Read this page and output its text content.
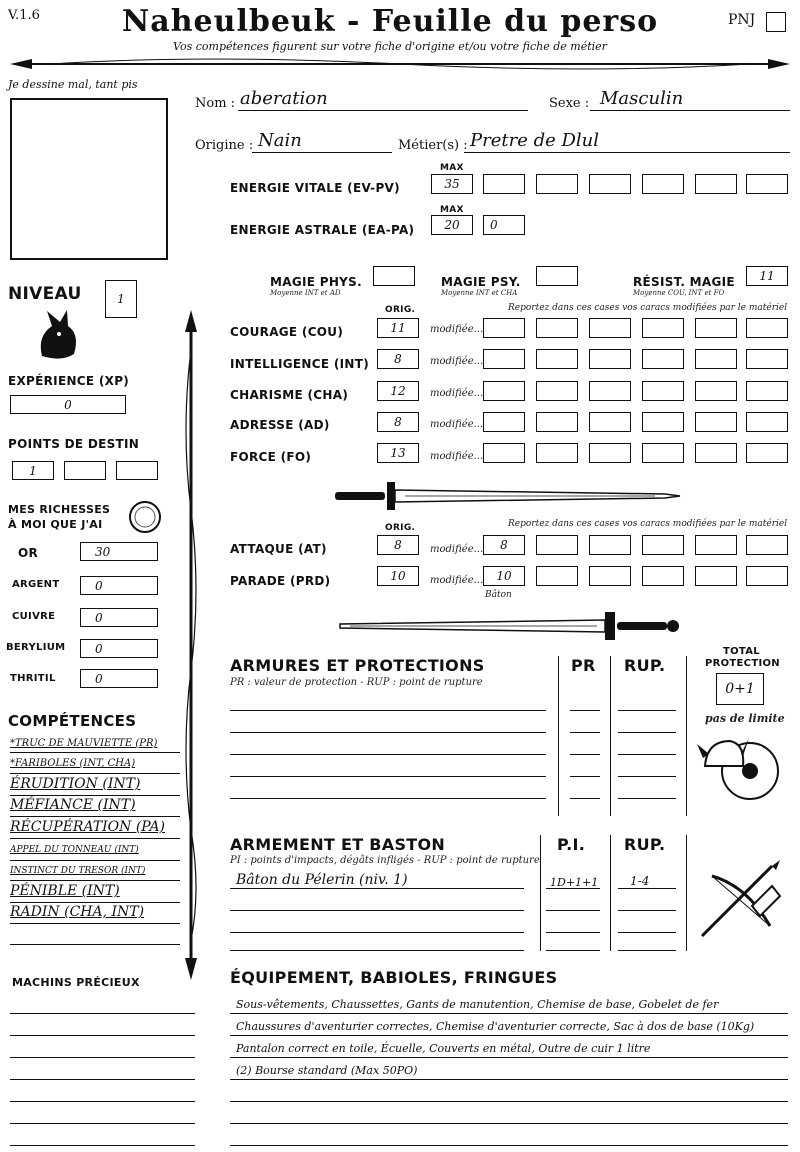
V.1.6	Naheulbeuk - Feuille du perso
Vos compétences figurent sur votre fiche d'origine et/ou votre fiche de métier
PNJ
Je dessine mal, tant pis
Nom : aberation	Sexe : Masculin
Origine : Nain	Métier(s) : Pretre de Dlul
MAX
ENERGIE VITALE (EV-PV)	35
MAX
ENERGIE ASTRALE (EA-PA)	20	0
MAGIE PHYS.
Moyenne INT et AD
MAGIE PSY.
Moyenne INT et CHA
RÉSIST. MAGIE
Moyenne COU, INT et FO
11
NIVEAU	1
EXPÉRIENCE (XP)
0
POINTS DE DESTIN
1
MES RICHESSES
À MOI QUE J'AI
OR	30
ARGENT	0
CUIVRE	0
BERYLIUM	0
THRITIL	0
COMPÉTENCES
*TRUC DE MAUVIETTE (PR)
*FARIBOLES (INT, CHA)
ÉRUDITION (INT)
MÉFIANCE (INT)
RÉCUPÉRATION (PA)
APPEL DU TONNEAU (INT)
INSTINCT DU TRESOR (INT)
PÉNIBLE (INT)
RADIN (CHA, INT)
MACHINS PRÉCIEUX
ORIG.	Reportez dans ces cases vos caracs modifiées par le matériel
COURAGE (COU)	11	modifiée...
INTELLIGENCE (INT)	8	modifiée...
CHARISME (CHA)	12	modifiée...
ADRESSE (AD)	8	modifiée...
FORCE (FO)	13	modifiée...
ORIG.	Reportez dans ces cases vos caracs modifiées par le matériel
ATTAQUE (AT)	8	modifiée...	8
PARADE (PRD)	10	modifiée...	10
Bâton
ARMURES ET PROTECTIONS
PR : valeur de protection - RUP : point de rupture
PR RUP.
TOTAL
PROTECTION
0+1
pas de limite
ARMEMENT ET BASTON
PI : points d'impacts, dégâts infligés - RUP : point de rupture
P.I. RUP.
Bâton du Pélerin (niv. 1)	1D+1+1	1-4
ÉQUIPEMENT, BABIOLES, FRINGUES
Sous-vêtements, Chaussettes, Gants de manutention, Chemise de base, Gobelet de fer
Chaussures d'aventurier correctes, Chemise d'aventurier correcte, Sac à dos de base (10Kg)
Pantalon correct en toile, Écuelle, Couverts en métal, Outre de cuir 1 litre
(2) Bourse standard (Max 50PO)
